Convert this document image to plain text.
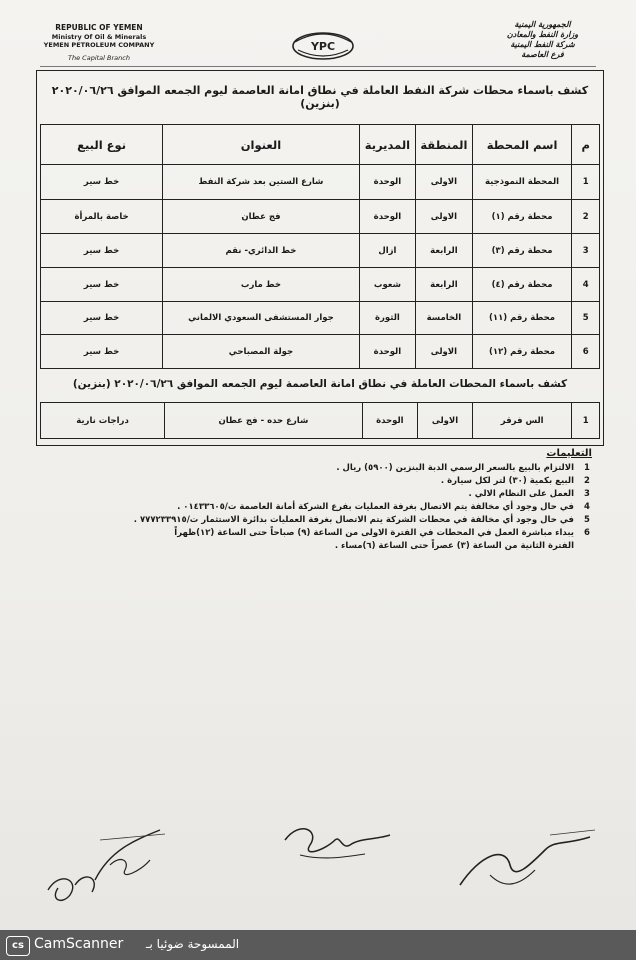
REPUBLIC OF YEMEN
Ministry Of Oil & Minerals
YEMEN PETROLEUM COMPANY
The Capital Branch
YPC
الجمهورية اليمنية
وزارة النفط والمعادن
شركة النفط اليمنية
فرع العاصمة
كشف باسماء محطات شركة النفط العاملة في نطاق امانة العاصمة ليوم الجمعه الموافق ٢٠٢٠/٠٦/٢٦ (بنزين)
م	اسم المحطة	المنطقة	المديرية	العنوان	نوع البيع
1	المحطة النموذجية	الاولى	الوحدة	شارع الستين بعد شركة النفط	خط سير
2	محطة رقم (١)	الاولى	الوحدة	فج عطان	خاصة بالمرأة
3	محطة رقم (٣)	الرابعة	ازال	خط الدائري- نقم	خط سير
4	محطة رقم (٤)	الرابعة	شعوب	خط مارب	خط سير
5	محطة رقم (١١)	الخامسة	الثورة	جوار المستشفى السعودي الالماني	خط سير
6	محطة رقم (١٢)	الاولى	الوحدة	جولة المصباحي	خط سير
كشف باسماء المحطات العاملة في نطاق امانة العاصمة ليوم الجمعه الموافق ٢٠٢٠/٠٦/٢٦ (بنزين)
1	الس فرقر	الاولى	الوحدة	شارع حده - فج عطان	دراجات نارية
التعليمات
1
الالتزام بالبيع بالسعر الرسمي الدبة البنزين (٥٩٠٠) ريال .
2
البيع بكمية (٣٠) لتر لكل سيارة .
3
العمل على النظام الالي .
4
في حال وجود أي مخالفة يتم الاتصال بغرفة العمليات بفرع الشركة أمانة العاصمة ت/٠١٤٣٣٦٠٥ .
5
في حال وجود أي مخالفة في محطات الشركة يتم الاتصال بغرفة العمليات بدائرة الاستثمار ت/٧٧٧٢٣٣٩١٥ .
6
يبداء مباشرة العمل في المحطات في الفترة الاولى من الساعة (٩) صباحاً حتى الساعة (١٢)ظهراً
الفترة الثانية من الساعة (٣) عصراً حتى الساعة (٦)مساء .
cs CamScanner الممسوحة ضوئيا بـ
